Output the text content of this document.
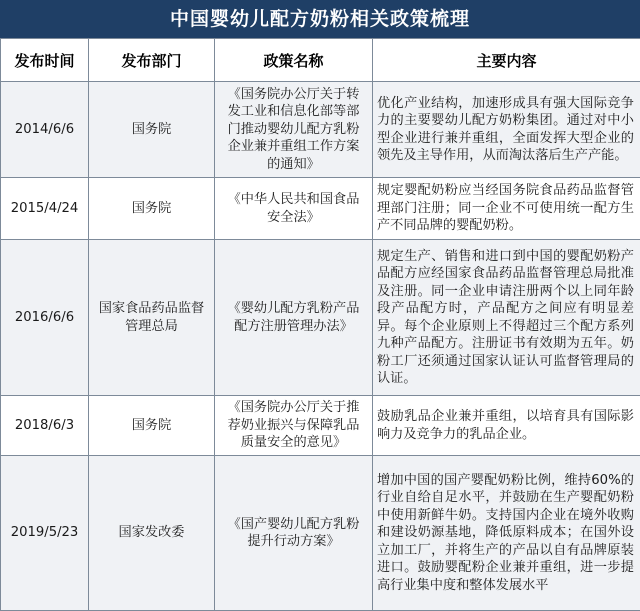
中国婴幼儿配方奶粉相关政策梳理
发布时间	发布部门	政策名称	主要内容
2014/6/6	国务院	《国务院办公厅关于转发工业和信息化部等部门推动婴幼儿配方乳粉企业兼并重组工作方案的通知》	优化产业结构，加速形成具有强大国际竞争力的主要婴幼儿配方奶粉集团。通过对中小型企业进行兼并重组，全面发挥大型企业的领先及主导作用，从而淘汰落后生产产能。
2015/4/24	国务院	《中华人民共和国食品安全法》	规定婴配奶粉应当经国务院食品药品监督管理部门注册；同一企业不可使用统一配方生产不同品牌的婴配奶粉。
2016/6/6	国家食品药品监督管理总局	《婴幼儿配方乳粉产品配方注册管理办法》	规定生产、销售和进口到中国的婴配奶粉产品配方应经国家食品药品监督管理总局批准及注册。同一企业申请注册两个以上同年龄段产品配方时，产品配方之间应有明显差异。每个企业原则上不得超过三个配方系列九种产品配方。注册证书有效期为五年。奶粉工厂还须通过国家认证认可监督管理局的认证。
2018/6/3	国务院	《国务院办公厅关于推荐奶业振兴与保障乳品质量安全的意见》	鼓励乳品企业兼并重组，以培育具有国际影响力及竞争力的乳品企业。
2019/5/23	国家发改委	《国产婴幼儿配方乳粉提升行动方案》	增加中国的国产婴配奶粉比例，维持60%的行业自给自足水平，并鼓励在生产婴配奶粉中使用新鲜牛奶。支持国内企业在境外收购和建设奶源基地，降低原料成本；在国外设立加工厂，并将生产的产品以自有品牌原装进口。鼓励婴配粉企业兼并重组，进一步提高行业集中度和整体发展水平
